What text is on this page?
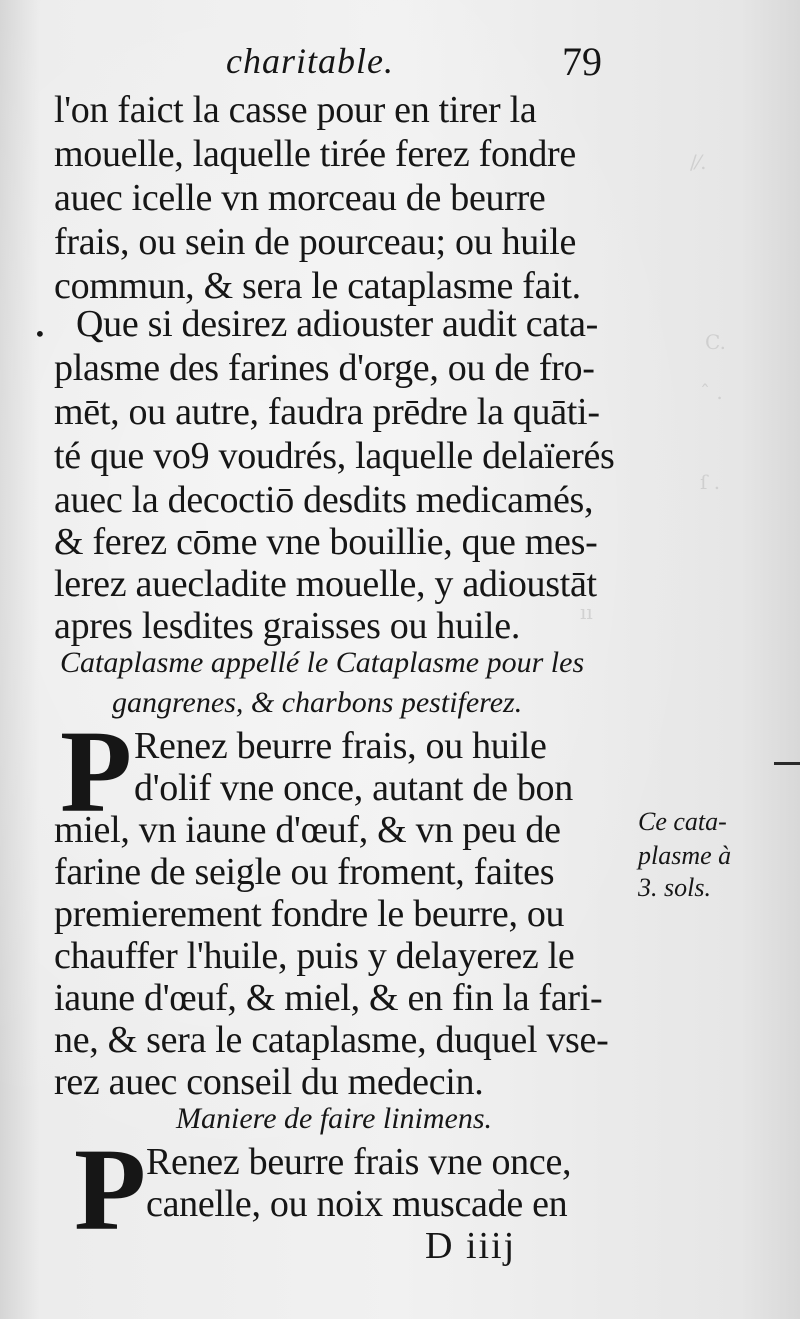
/⁄.
C.
ˆ .
ſ .
ıı
charitable.	79
l'on faict la casse pour en tirer la
mouelle, laquelle tirée ferez fondre
auec icelle vn morceau de beurre
frais, ou sein de pourceau; ou huile
commun, & sera le cataplasme fait.
• Que si desirez adiouster audit cata-
plasme des farines d'orge, ou de fro-
mēt, ou autre, faudra prēdre la quāti-
té que vo9 voudrés, laquelle delaïerés
auec la decoctiō desdits medicamés,
& ferez cōme vne bouillie, que mes-
lerez auecladite mouelle, y adioustāt
apres lesdites graisses ou huile.
Cataplasme appellé le Cataplasme pour les
gangrenes, & charbons pestiferez.
P Renez beurre frais, ou huile
d'olif vne once, autant de bon
miel, vn iaune d'œuf, & vn peu de
farine de seigle ou froment, faites
premierement fondre le beurre, ou
chauffer l'huile, puis y delayerez le
iaune d'œuf, & miel, & en fin la fari-
ne, & sera le cataplasme, duquel vse-
rez auec conseil du medecin.
Ce cata-
plasme à
3. sols.
Maniere de faire linimens.
P Renez beurre frais vne once,
canelle, ou noix muscade en
D iiij
